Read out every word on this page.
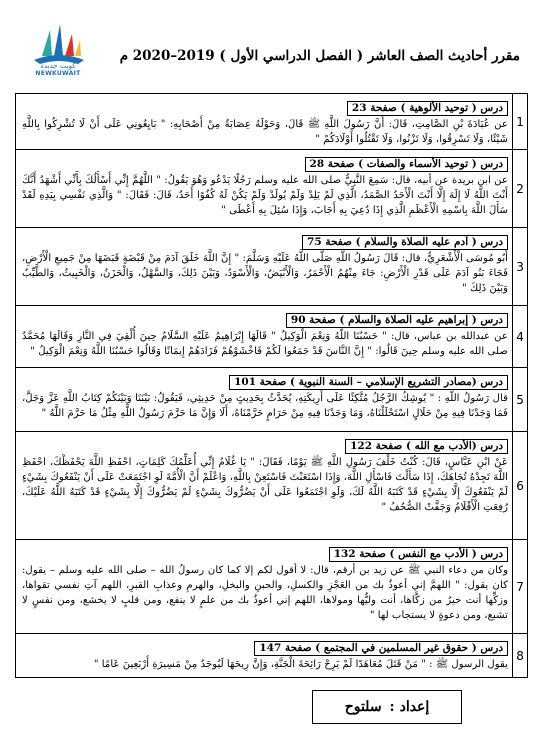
كويت جديدة
NEWKUWAIT
مقرر أحاديث الصف العاشر ( الفصل الدراسي الأول ) 2019–2020 م
1
درس ( توحيد الألوهية ) صفحة 23
عن عُبَادَةَ بْنِ الصَّامِتِ، قَالَ: أَنَّ رَسُولَ اللَّهِ ﷺ قَالَ، وَحَوْلَهُ عِصَابَةٌ مِنْ أَصْحَابِهِ: " بَايِعُونِي عَلَى أَنْ لَا تُشْرِكُوا بِاللَّهِ شَيْئًا، وَلَا تَسْرِقُوا، وَلَا تَزْنُوا، وَلَا تَقْتُلُوا أَوْلَادَكُمْ "
2
درس ( توحيد الأسماء والصفات ) صفحة 28
عن ابن بريدة عن أبيه، قال: سَمِعَ النَّبِيُّ صلى الله عليه وسلم رَجُلًا يَدْعُو وَهُوَ يَقُولُ: " اللَّهُمَّ إِنِّي أَسْأَلُكَ بِأَنِّي أَشْهَدُ أَنَّكَ أَنْتَ اللَّهُ لَا إِلَهَ إِلَّا أَنْتَ الْأَحَدُ الصَّمَدُ، الَّذِي لَمْ يَلِدْ وَلَمْ يُولَدْ وَلَمْ يَكُنْ لَهُ كُفُوًا أَحَدٌ، قَالَ: فَقَالَ: " وَالَّذِي نَفْسِي بِيَدِهِ لَقَدْ سَأَلَ اللَّهَ بِاسْمِهِ الْأَعْظَمِ الَّذِي إِذَا دُعِيَ بِهِ أَجَابَ، وَإِذَا سُئِلَ بِهِ أَعْطَى "
3
درس ( آدم عليه الصلاة والسلام ) صفحة 75
أَبُو مُوسَى الْأَشْعَرِيُّ، قال: قَالَ رَسُولُ اللَّهِ صَلَّى اللَّهُ عَلَيْهِ وَسَلَّمَ: " إِنَّ اللَّهَ خَلَقَ آدَمَ مِنْ قَبْضَةٍ قَبَضَهَا مِنْ جَمِيعِ الْأَرْضِ، فَجَاءَ بَنُو آدَمَ عَلَى قَدْرِ الْأَرْضِ: جَاءَ مِنْهُمُ الْأَحْمَرُ، وَالْأَبْيَضُ، وَالْأَسْوَدُ، وَبَيْنَ ذَلِكَ، وَالسَّهْلُ، وَالْحَزَنُ، وَالْخَبِيثُ، وَالطَّيِّبُ وَبَيْنَ ذَلِكَ "
4
درس ( إبراهيم عليه الصلاة والسلام ) صفحة 90
عن عبدالله بن عباس، قال: " حَسْبُنَا اللَّهُ وَنِعْمَ الْوَكِيلُ " قَالَهَا إِبْرَاهِيمُ عَلَيْهِ السَّلَامُ حِينَ أُلْقِيَ فِي النَّارِ وَقَالَهَا مُحَمَّدٌ صلى الله عليه وسلم حِينَ قَالُوا: " إِنَّ النَّاسَ قَدْ جَمَعُوا لَكُمْ فَاخْشَوْهُمْ فَزَادَهُمْ إِيمَانًا وَقَالُوا حَسْبُنَا اللَّهُ وَنِعْمَ الْوَكِيلُ "
5
درس (مصادر التشريع الإسلامي – السنة النبوية ) صفحة 101
قال رَسُولُ اللَّهِ : " يُوشِكُ الرَّجُلُ مُتَّكِئًا عَلَى أَرِيكَتِهِ، يُحَدَّثُ بِحَدِيثٍ مِنْ حَدِيثِي، فَيَقُولُ: بَيْنَنَا وَبَيْنَكُمْ كِتَابُ اللَّهِ عَزَّ وَجَلَّ، فَمَا وَجَدْنَا فِيهِ مِنْ حَلَالٍ اسْتَحْلَلْنَاهُ، وَمَا وَجَدْنَا فِيهِ مِنْ حَرَامٍ حَرَّمْنَاهُ، أَلَا وَإِنَّ مَا حَرَّمَ رَسُولُ اللَّهِ مِثْلُ مَا حَرَّمَ اللَّهُ "
6
درس (الأدب مع الله ) صفحة 122
عَنْ ابْنِ عَبَّاسٍ، قَالَ: كُنْتُ خَلْفَ رَسُولِ اللَّهِ ﷺ يَوْمًا، فَقَالَ: " يَا غُلَامُ إِنِّي أُعَلِّمُكَ كَلِمَاتٍ، احْفَظِ اللَّهَ يَحْفَظْكَ، احْفَظِ اللَّهَ تَجِدْهُ تُجَاهَكَ، إِذَا سَأَلْتَ فَاسْأَلِ اللَّهَ، وَإِذَا اسْتَعَنْتَ فَاسْتَعِنْ بِاللَّهِ، وَاعْلَمْ أَنَّ الْأُمَّةَ لَوِ اجْتَمَعَتْ عَلَى أَنْ يَنْفَعُوكَ بِشَيْءٍ لَمْ يَنْفَعُوكَ إِلَّا بِشَيْءٍ قَدْ كَتَبَهُ اللَّهُ لَكَ، وَلَوِ اجْتَمَعُوا عَلَى أَنْ يَضُرُّوكَ بِشَيْءٍ لَمْ يَضُرُّوكَ إِلَّا بِشَيْءٍ قَدْ كَتَبَهُ اللَّهُ عَلَيْكَ، رُفِعَتِ الْأَقْلَامُ وَجَفَّتْ الصُّحُفُ "
7
درس ( الأدب مع النفس ) صفحة 132
وكان من دعاء النبي ﷺ عن زيد بن أرقم، قال: لا أقول لكم إلا كما كان رسولُ الله – صلى الله عليه وسلم – يقول: كان يقول: " اللهمَّ إني أعوذُ بك من العَجْزِ والكسلِ، والجبنِ والبخلِ، والهرمِ وعذابِ القبرِ، اللهم آتِ نفسي تقواها، وزكِّها أنت خيرُ من زكَّاها، أنت وليُّها ومولاها، اللهم إني أعوذُ بك من علمٍ لا ينفع، ومن قلبٍ لا يخشع، ومن نفسٍ لا تشبع، ومن دعوةٍ لا يستجاب لها "
8
درس ( حقوق غير المسلمين في المجتمع ) صفحة 147
يقول الرسول ﷺ : " مَنْ قَتَلَ مُعَاهَدًا لَمْ يَرِحْ رَائِحَةَ الْجَنَّةِ، وَإِنَّ رِيحَهَا لَيُوجَدُ مِنْ مَسِيرَةِ أَرْبَعِينَ عَامًا "
إعداد :
سلتوح
